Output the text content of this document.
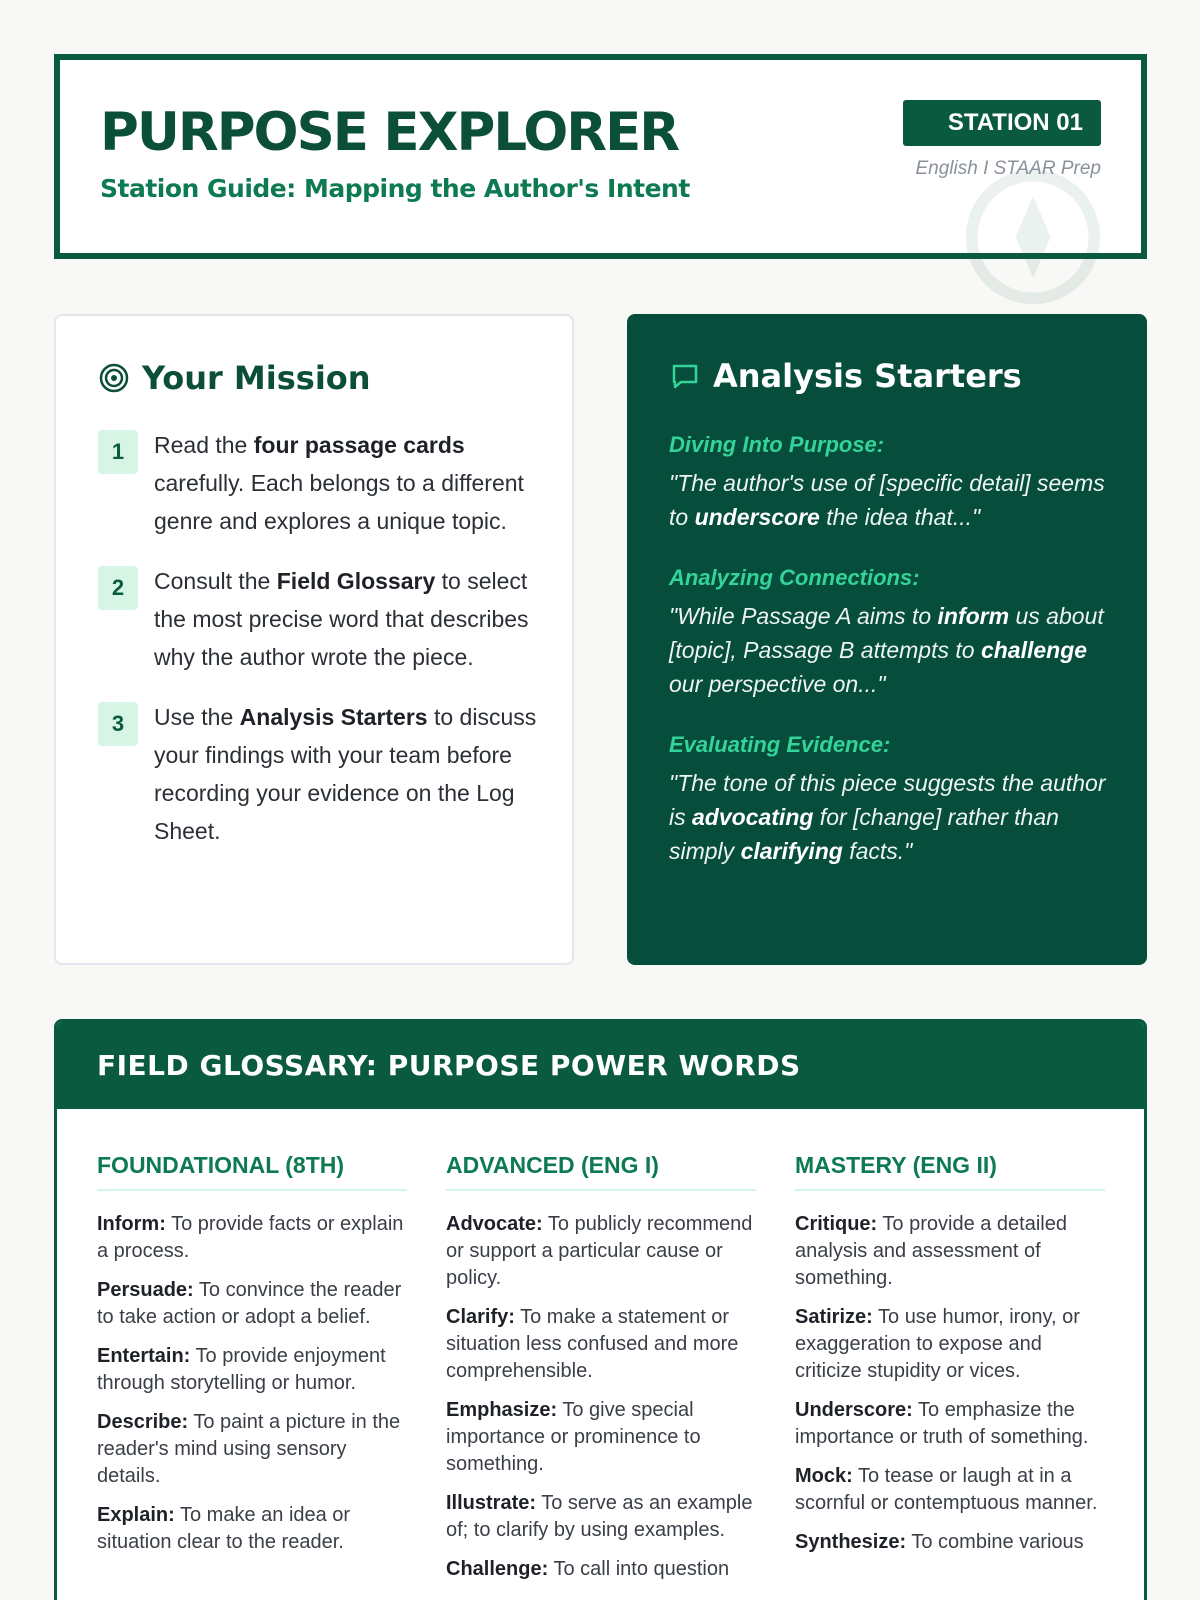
PURPOSE EXPLORER
Station Guide: Mapping the Author's Intent
STATION 01
English I STAAR Prep
Your Mission
1	Read the four passage cards carefully. Each belongs to a different genre and explores a unique topic.
2	Consult the Field Glossary to select the most precise word that describes why the author wrote the piece.
3	Use the Analysis Starters to discuss your findings with your team before recording your evidence on the Log Sheet.
Analysis Starters
Diving Into Purpose:
"The author's use of [specific detail] seems to underscore the idea that..."
Analyzing Connections:
"While Passage A aims to inform us about [topic], Passage B attempts to challenge our perspective on..."
Evaluating Evidence:
"The tone of this piece suggests the author is advocating for [change] rather than simply clarifying facts."
FIELD GLOSSARY: PURPOSE POWER WORDS
FOUNDATIONAL (8TH)
Inform: To provide facts or explain a process.
Persuade: To convince the reader to take action or adopt a belief.
Entertain: To provide enjoyment through storytelling or humor.
Describe: To paint a picture in the reader's mind using sensory details.
Explain: To make an idea or situation clear to the reader.
ADVANCED (ENG I)
Advocate: To publicly recommend or support a particular cause or policy.
Clarify: To make a statement or situation less confused and more comprehensible.
Emphasize: To give special importance or prominence to something.
Illustrate: To serve as an example of; to clarify by using examples.
Challenge: To call into question
MASTERY (ENG II)
Critique: To provide a detailed analysis and assessment of something.
Satirize: To use humor, irony, or exaggeration to expose and criticize stupidity or vices.
Underscore: To emphasize the importance or truth of something.
Mock: To tease or laugh at in a scornful or contemptuous manner.
Synthesize: To combine various
